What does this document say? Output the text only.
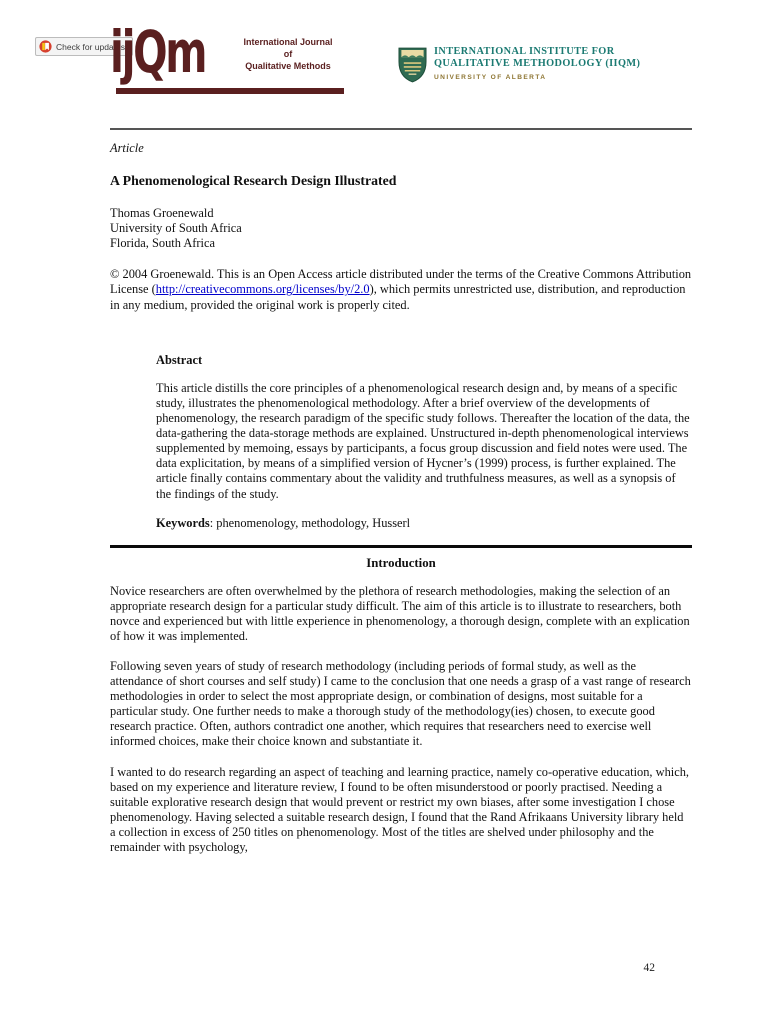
Check for updates
ijQm	International Journal
of
Qualitative Methods
INTERNATIONAL INSTITUTE FOR
QUALITATIVE METHODOLOGY (IIQM)
UNIVERSITY OF ALBERTA
Article
A Phenomenological Research Design Illustrated
Thomas Groenewald
University of South Africa
Florida, South Africa

© 2004 Groenewald. This is an Open Access article distributed under the terms of the Creative Commons Attribution License (http://creativecommons.org/licenses/by/2.0), which permits unrestricted use, distribution, and reproduction in any medium, provided the original work is properly cited.

Abstract

This article distills the core principles of a phenomenological research design and, by means of a specific study, illustrates the phenomenological methodology. After a brief overview of the developments of phenomenology, the research paradigm of the specific study follows. Thereafter the location of the data, the data-gathering the data-storage methods are explained. Unstructured in-depth phenomenological interviews supplemented by memoing, essays by participants, a focus group discussion and field notes were used. The data explicitation, by means of a simplified version of Hycner’s (1999) process, is further explained. The article finally contains commentary about the validity and truthfulness measures, as well as a synopsis of the findings of the study.

Keywords: phenomenology, methodology, Husserl

Introduction

Novice researchers are often overwhelmed by the plethora of research methodologies, making the selection of an appropriate research design for a particular study difficult. The aim of this article is to illustrate to researchers, both novce and experienced but with little experience in phenomenology, a thorough design, complete with an explication of how it was implemented.

Following seven years of study of research methodology (including periods of formal study, as well as the attendance of short courses and self study) I came to the conclusion that one needs a grasp of a vast range of research methodologies in order to select the most appropriate design, or combination of designs, most suitable for a particular study. One further needs to make a thorough study of the methodology(ies) chosen, to execute good research practice. Often, authors contradict one another, which requires that researchers need to exercise well informed choices, make their choice known and substantiate it.

I wanted to do research regarding an aspect of teaching and learning practice, namely co-operative education, which, based on my experience and literature review, I found to be often misunderstood or poorly practised. Needing a suitable explorative research design that would prevent or restrict my own biases, after some investigation I chose phenomenology. Having selected a suitable research design, I found that the Rand Afrikaans University library held a collection in excess of 250 titles on phenomenology. Most of the titles are shelved under philosophy and the remainder with psychology,

42
